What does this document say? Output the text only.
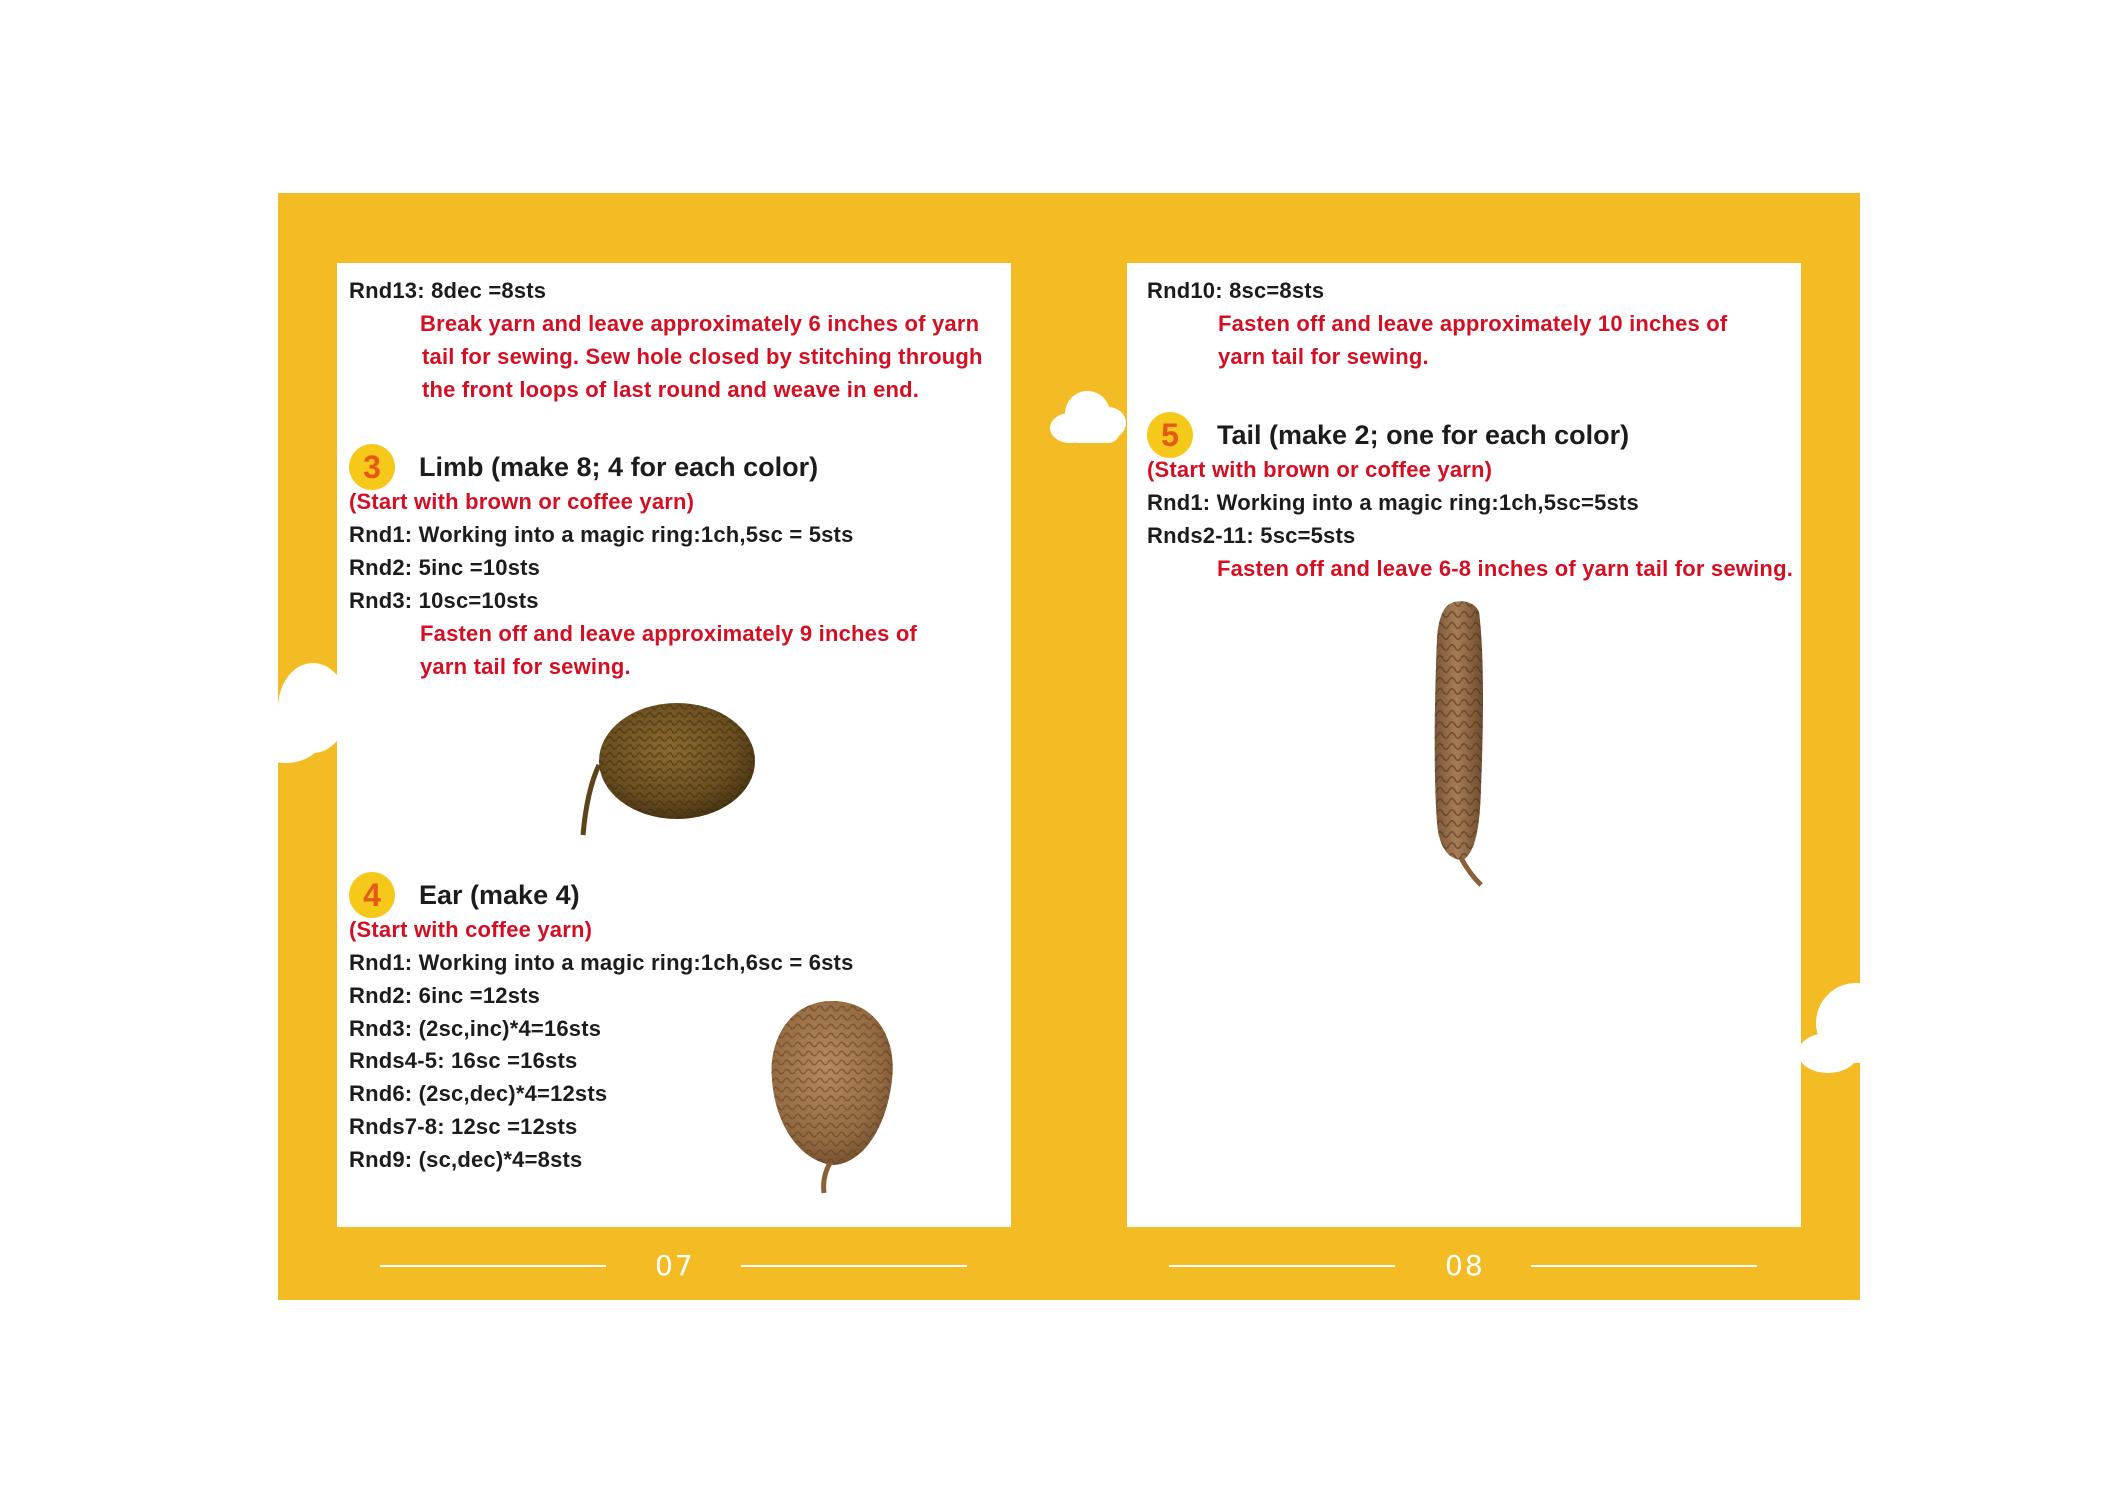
Rnd13: 8dec =8sts
Break yarn and leave approximately 6 inches of yarn
tail for sewing. Sew hole closed by stitching through
the front loops of last round and weave in end.
3	Limb (make 8; 4 for each color)
(Start with brown or coffee yarn)
Rnd1: Working into a magic ring:1ch,5sc = 5sts
Rnd2: 5inc =10sts
Rnd3: 10sc=10sts
Fasten off and leave approximately 9 inches of
yarn tail for sewing.
4	Ear (make 4)
(Start with coffee yarn)
Rnd1: Working into a magic ring:1ch,6sc = 6sts
Rnd2: 6inc =12sts
Rnd3: (2sc,inc)*4=16sts
Rnds4-5: 16sc =16sts
Rnd6: (2sc,dec)*4=12sts
Rnds7-8: 12sc =12sts
Rnd9: (sc,dec)*4=8sts
Rnd10: 8sc=8sts
Fasten off and leave approximately 10 inches of
yarn tail for sewing.
5	Tail (make 2; one for each color)
(Start with brown or coffee yarn)
Rnd1: Working into a magic ring:1ch,5sc=5sts
Rnds2-11: 5sc=5sts
Fasten off and leave 6-8 inches of yarn tail for sewing.
07	08
